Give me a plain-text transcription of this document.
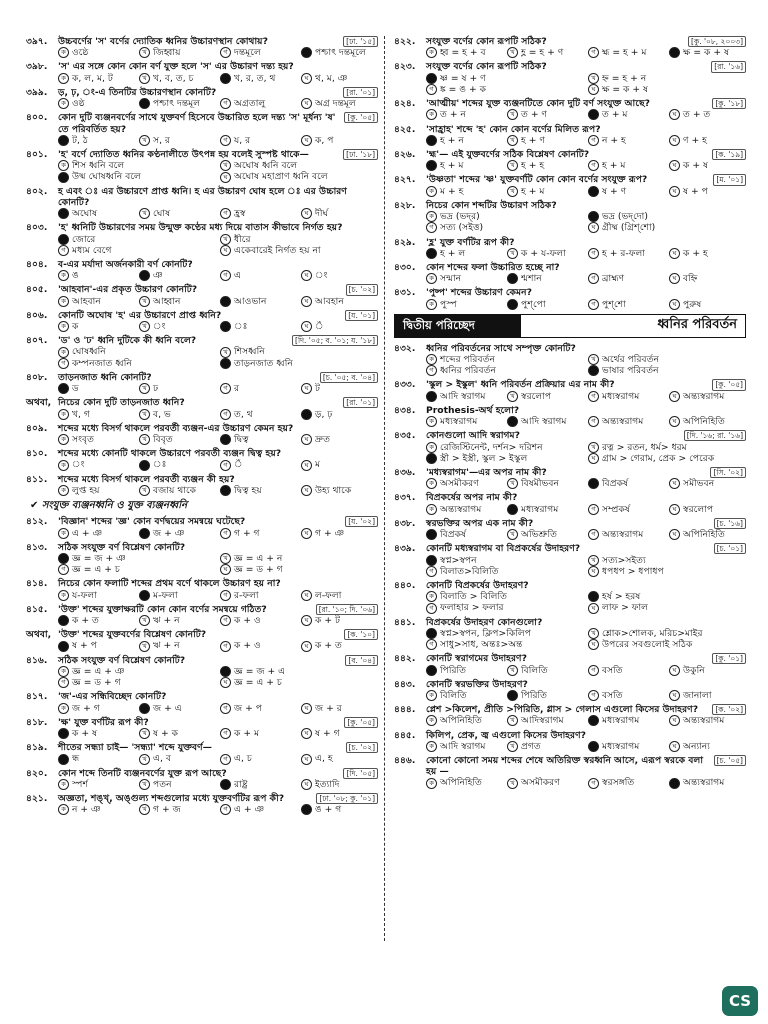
৩৯৭.	উচ্চবর্ণের 'স' বর্ণের দ্যোতিক ধ্বনির উচ্চারণস্থান কোথায়?	[ঢা. '১৫]
ক ওষ্ঠে	খ জিহ্বায়	গ দন্তমূলে	পশ্চাৎ দন্তমূলে
৩৯৮.	'স' এর সঙ্গে কোন কোন বর্ণ যুক্ত হলে 'স' এর উচ্চারণ দন্ত্য হয়?
ক ক, ল, ম, ট	খ খ, ব, ত, চ	খ, র, ত, থ	ঘ থ, ম, ঞ
৩৯৯.	ড়, ঢ়, ং-এ তিনটির উচ্চারণস্থান কোনটি?	[রা. '০১]
ক ওষ্ঠ	পশ্চাৎ দন্তমূল	গ অগ্রতালু	ঘ অগ্র দন্তমূল
৪০০.	কোন দুটি ব্যঞ্জনবর্ণের সাথে যুক্তবর্ণ হিসেবে উচ্চারিত হলে দন্ত্য 'স' মূর্ধন্য 'ষ' তে পরিবর্তিত হয়?
[কু. '০৫]
ট, ঠ	খ স, র	গ য, র	ঘ ক, প
৪০১.	'হ' বর্ণে দ্যোতিত ধ্বনির কণ্ঠনালীতে উৎপন্ন হয় বলেই সুস্পষ্ট থাকে—	[ঢা. '১৮]
ক শিস ধ্বনি বলে	খ অঘোষ ধ্বনি বলে
উষ্ম ঘোষধ্বনি বলে	ঘ অঘোষ মহাপ্রাণ ধ্বনি বলে
৪০২.	হ এবং ঃ এর উচ্চারণে প্রাপ্ত ধ্বনি। হ এর উচ্চারণ ঘোষ হলে ঃ এর উচ্চারণ কোনটি?
অঘোষ	খ ঘোষ	গ হ্রস্ব	ঘ দীর্ঘ
৪০৩.	'হ' ধ্বনিটি উচ্চারণের সময় উন্মুক্ত কণ্ঠের মধ্য দিয়ে বাতাস কীভাবে নির্গত হয়?
জোরে	খ ধীরে
গ মধ্যম বেগে	ঘ একেবারেই নির্গত হয় না
৪০৪.	ব-এর মর্যাদা অর্জনকারী বর্ণ কোনটি?
ক ঙ	ঞ	গ এ	ঘ ং
৪০৫.	'আহবান'-এর প্রকৃত উচ্চারণ কোনটি?	[চ. '০২]
ক আহবান	খ আহ্বান	আওভান	ঘ আবহান
৪০৬.	কোনটি অঘোষ 'হ' এর উচ্চারণে প্রাপ্ত ধ্বনি?	[য. '০১]
ক ক	খ ং	ঃ	ঘ ঁ
৪০৭.	'ড' ও 'ঢ' ধ্বনি দুটিকে কী ধ্বনি বলে?	[দি. '০৫; ব. '০১; য. '১৮]
ক ঘোষধ্বনি	খ শিসধ্বনি
গ কম্পনজাত ধ্বনি	তাড়নজাত ধ্বনি
৪০৮.	তাড়নজাত ধ্বনি কোনটি?	[চ. '০৫; ব. '০৪]
ড	খ ঢ	গ র	ঘ ট
অথবা, নিচের কোন দুটি তাড়নজাত ধ্বনি?	[রা. '০১]
ক খ, গ	খ ব, ভ	গ ত, থ	ড়, ঢ়
৪০৯.	শব্দের মধ্যে বিসর্গ থাকলে পরবর্তী ব্যঞ্জন-এর উচ্চারণ কেমন হয়?
ক সংবৃত	খ বিবৃত	দ্বিত্ব	ঘ দ্রুত
৪১০.	শব্দের মধ্যে কোনটি থাকলে উচ্চারণে পরবর্তী ব্যঞ্জন দ্বিত্ব হয়?
ক ং	ঃ	গ ঁ	ঘ ম
৪১১.	শব্দের মধ্যে বিসর্গ থাকলে পরবর্তী ব্যঞ্জন কী হয়?
ক লুপ্ত হয়	খ বজায় থাকে	দ্বিত্ব হয়	ঘ উহ্য থাকে
✔ সংযুক্ত ব্যঞ্জনধ্বনি ও যুক্ত ব্যঞ্জনধ্বনি
৪১২.	'বিজ্ঞান' শব্দের 'জ্ঞ' কোন বর্ণদ্বয়ের সমন্বয়ে ঘটেছে?	[য. '০২]
ক এ + ঞ	জ + ঞ	গ গ + গ	ঘ গ + ঞ
৪১৩.	সঠিক সংযুক্ত বর্ণ বিশ্লেষণ কোনটি?
জ্ঞ = জ + ঞ	খ জ্ঞ = এ + ন
গ জ্ঞ = এ + চ	ঘ জ্ঞ = ড + গ
৪১৪.	নিচের কোন ফলাটি শব্দের প্রথম বর্ণে থাকলে উচ্চারণ হয় না?
ক য-ফলা	ম-ফলা	গ র-ফলা	ঘ ল-ফলা
৪১৫.	'উক্ত' শব্দের যুক্তাক্ষরটি কোন কোন বর্ণের সমন্বয়ে গঠিত?	[রা. '১০; দি. '০৬]
ক + ত	খ ঋ + ন	গ ক + ও	ঘ ক + ট
অথবা, 'উক্ত' শব্দের যুক্তবর্ণের বিশ্লেষণ কোনটি?	[ক. '১০]
ষ + প	খ ঋ + ন	গ ক + ও	ঘ ক + ত
৪১৬.	সঠিক সংযুক্ত বর্ণ বিশ্লেষণ কোনটি?	[ব. '০৪]
ক জ্ঞ = এ + ঞ	জ্ঞ = জ + এ
গ জ্ঞ = ড + গ	ঘ জ্ঞ = এ + চ
৪১৭.	'জ'-এর সন্ধিবিচ্ছেদ কোনটি?
ক জ + গ	জ + এ	গ জ + প	ঘ জ + র
৪১৮.	'ক্ষ' যুক্ত বর্ণটির রূপ কী?	[কু. '০৫]
ক + ষ	খ ষ + ক	গ ক + ম	ঘ ষ + গ
৪১৯.	শীতের সন্ধ্যা চাই— 'সন্ধ্যা' শব্দে যুক্তবর্ণ—	[চ. '০২]
ন্ধ	খ এ, ব	গ এ, চ	ঘ এ, হ
৪২০.	কোন শব্দে তিনটি ব্যঞ্জনবর্ণের যুক্ত রূপ আছে?	[দি. '০৫]
ক স্পর্শ	খ পতন	রাষ্ট্র	ঘ ইত্যাদি
৪২১.	অজ্ঞতা, শঙ্খ্‌, অঙ্গুল্য শব্দগুলোর মধ্যে যুক্তবর্ণটির রূপ কী?	[ঢা. '০৮; কু. '০১]
ক ন + ঞ	খ গ + জ	গ এ + ঞ	ঙ + গ
৪২২.	সংযুক্ত বর্ণের কোন রূপটি সঠিক?	[কু. '০৮, ২০০৩]
ক হ্ব = হ + ব	খ হ্ণ = হ + ণ	গ হ্ম = হ + ম	ক্ষ = ক + ষ
৪২৩.	সংযুক্ত বর্ণের কোন রূপটি সঠিক?	[রা. '১৬]
ষ্ণ = ষ + ণ	খ হ্ন = হ + ন
গ ঙ্ক = ঙ + ক	ঘ ক্ষ = ক + ষ
৪২৪.	'আত্মীয়' শব্দের যুক্ত ব্যঞ্জনটিতে কোন দুটি বর্ণ সংযুক্ত আছে?	[কু. '১৮]
ক ত + ন	খ ত + ণ	ত + ম	ঘ ত + ত
৪২৫.	'সাহ্রাহ' শব্দে 'হ' কোন কোন বর্ণের মিলিত রূপ?
হ + ন	খ হ + ণ	গ ন + হ	ঘ ণ + হ
৪২৬.	'হ্ম'— এই যুক্তবর্ণের সঠিক বিশ্লেষণ কোনটি?	[ক. '১৯]
হ + ম	খ হ + হ	গ হ + ম	ঘ ক + ষ
৪২৭.	'উষ্ণতা' শব্দের 'ষ্ণ' যুক্তবর্ণটি কোন কোন বর্ণের সংযুক্ত রূপ?	[ম. '০১]
ক ম + হ	খ হ + ম	ষ + ণ	ঘ ষ + প
৪২৮.	নিচের কোন শব্দটির উচ্চারণ সঠিক?
ক ভদ্র (ভদ্‌র)	ভদ্র (ভদ্‌দো)
গ সত্য (সইত্ত)	ঘ গ্রীষ্ম (গ্রিশ্‌শো)
৪২৯.	'হ্ল' যুক্ত বর্ণটির রূপ কী?
হ + ল	খ ক + য-ফলা	গ হ + র-ফলা	ঘ ক + হ
৪৩০.	কোন শব্দের ফলা উচ্চারিত হচ্ছে না?
ক সন্মান	শ্মশান	গ ব্রাহ্মণ	ঘ বহ্নি
৪৩১.	'পুষ্প' শব্দের উচ্চারণ কেমন?
ক পুস্প	পুশ্‌পো	গ পুশ্‌শো	ঘ পুরুষ
দ্বিতীয় পরিচ্ছেদ	ধ্বনির পরিবর্তন
৪৩২.	ধ্বনির পরিবর্তনের সাথে সম্পৃক্ত কোনটি?
ক শব্দের পরিবর্তন	খ অর্থের পরিবর্তন
গ ধ্বনির পরিবর্তন	ভাষার পরিবর্তন
৪৩৩.	'স্কুল > ইস্কুল' ধ্বনি পরিবর্তন প্রক্রিয়ার এর নাম কী?	[কু. '০৫]
আদি স্বরাগম	খ স্বরলোপ	গ মধ্যস্বরাগম	ঘ অন্ত্যস্বরাগম
৪৩৪.	Prothesis-অর্থ হলো?
ক মধ্যস্বরাগম	আদি স্বরাগম	গ অন্ত্যস্বরাগম	ঘ অপিনিহিতি
৪৩৫.	কোনগুলো আদি স্বরাগম?	[দি. '১৬; রা. '১৬]
ক রেজিস্টিনেন্ট, দর্শন> দরিশন	খ রত্ন > রতন, ধর্ম> ধরম
স্ত্রী > ইস্ত্রী, স্কুল > ইস্কুল	ঘ গ্রাম > গেরাম, প্রেক > পেরেক
৪৩৬.	'মধ্যস্বরাগম'—এর অপর নাম কী?	[সি. '০২]
ক অসমীকরণ	খ বিষমীভবন	বিপ্রকর্ষ	ঘ সমীভবন
৪৩৭.	বিপ্রকর্ষের অপর নাম কী?
ক অন্ত্যস্বরাগম	মধ্যস্বরাগম	গ সম্প্রকর্ষ	ঘ স্বরলোপ
৪৩৮.	স্বরভক্তির অপর এক নাম কী?	[চ. '১৬]
বিপ্রকর্ষ	খ অভিশ্রুতি	গ অন্ত্যস্বরাগম	ঘ অপিনিহিতি
৪৩৯.	কোনটি মধ্যস্বরাগম বা বিপ্রকর্ষের উদাহরণ?	[চ. '০১]
স্বপ্ন>স্বপন	খ সত্য>সইত্য
গ বিলাত>বিলিতি	ঘ ধপধপ > ধপাধপ
৪৪০.	কোনটি বিপ্রকর্ষের উদাহরণ?
ক বিলাতি > বিলিতি	হর্ষ > হরষ
গ ফলাহার > ফলার	ঘ লাফ > ফাল
৪৪১.	বিপ্রকর্ষের উদাহরণ কোনগুলো?
স্বপ্ন>স্বপন, ক্লিপ>কিলিপ	খ শ্লোক>শোলক, মরিচ>মাইর
গ সাধু>সাধ, অন্তঃ>অন্ত	ঘ উপরের সবগুলোই সঠিক
৪৪২.	কোনটি স্বরাগমের উদাহরণ?	[কু. '০১]
পিরিতি	খ বিলিতি	গ বসতি	ঘ উকুনি
৪৪৩.	কোনটি স্বরভক্তির উদাহরণ?
ক বিলিতি	পিরিতি	গ বসতি	ঘ জানালা
৪৪৪.	প্লেশ >কিলেশ, প্রীতি >পিরিতি, গ্লাস > গেলাস এগুলো কিসের উদাহরণ?	[ক. '০২]
ক অপিনিহিতি	খ আদিস্বরাগম	মধ্যস্বরাগম	ঘ অন্ত্যস্বরাগম
৪৪৫.	কিলিপ, প্রেক, জ্ব এগুলো কিসের উদাহরণ?
ক আদি স্বরাগম	খ প্রগত	মধ্যস্বরাগম	ঘ অন্যান্য
৪৪৬.	কোনো কোনো সময় শব্দের শেষে অতিরিক্ত স্বরধ্বনি আসে, এরূপ স্বরকে বলা হয় —
[চ. '০৫]
ক অপিনিহিতি	খ অসমীকরণ	গ স্বরসঙ্গতি	অন্ত্যস্বরাগম
CS
